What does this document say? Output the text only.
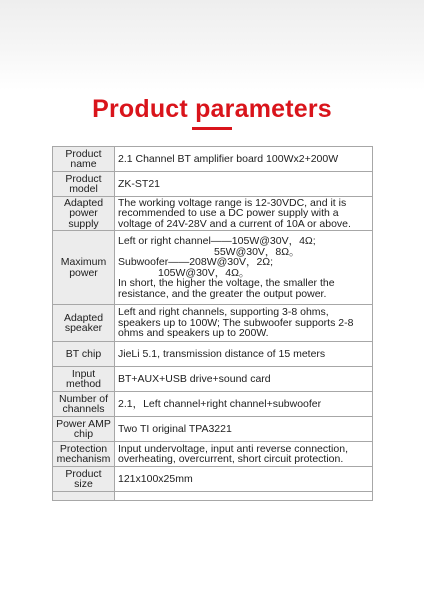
Product parameters
Product name	2.1 Channel BT amplifier board 100Wx2+200W
Product model	ZK-ST21
Adapted power supply	The working voltage range is 12-30VDC, and it is recommended to use a DC power supply with a voltage of 24V-28V and a current of 10A or above.
Maximum power	Left or right channel——105W@30V，4Ω;
55W@30V，8Ω。
Subwoofer——208W@30V，2Ω;
105W@30V，4Ω。
In short, the higher the voltage, the smaller the resistance, and the greater the output power.

Adapted speaker	Left and right channels, supporting 3-8 ohms, speakers up to 100W; The subwoofer supports 2-8 ohms and speakers up to 200W.
BT chip	JieLi 5.1, transmission distance of 15 meters
Input method	BT+AUX+USB drive+sound card
Number of channels	2.1，Left channel+right channel+subwoofer
Power AMP chip	Two TI original TPA3221
Protection mechanism	Input undervoltage, input anti reverse connection, overheating, overcurrent, short circuit protection.
Product size	121x100x25mm
